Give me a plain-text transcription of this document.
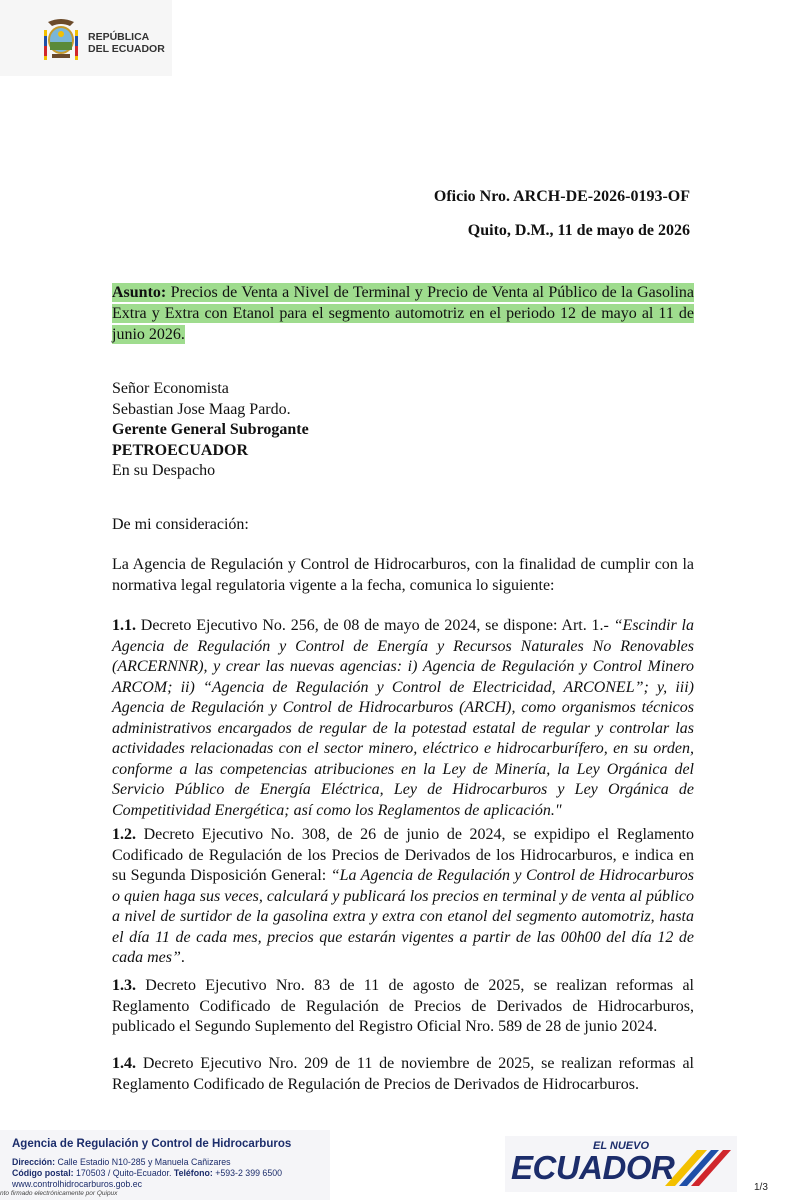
REPÚBLICA
DEL ECUADOR
Oficio Nro. ARCH-DE-2026-0193-OF
Quito, D.M., 11 de mayo de 2026
Asunto: Precios de Venta a Nivel de Terminal y Precio de Venta al Público de la Gasolina Extra y Extra con Etanol para el segmento automotriz en el periodo 12 de mayo al 11 de junio 2026.
Señor Economista
Sebastian Jose Maag Pardo.
Gerente General Subrogante
PETROECUADOR
En su Despacho

De mi consideración:

La Agencia de Regulación y Control de Hidrocarburos, con la finalidad de cumplir con la normativa legal regulatoria vigente a la fecha, comunica lo siguiente:

1.1. Decreto Ejecutivo No. 256, de 08 de mayo de 2024, se dispone: Art. 1.- “Escindir la Agencia de Regulación y Control de Energía y Recursos Naturales No Renovables (ARCERNNR), y crear las nuevas agencias: i) Agencia de Regulación y Control Minero ARCOM; ii) “Agencia de Regulación y Control de Electricidad, ARCONEL”; y, iii) Agencia de Regulación y Control de Hidrocarburos (ARCH), como organismos técnicos administrativos encargados de regular de la potestad estatal de regular y controlar las actividades relacionadas con el sector minero, eléctrico e hidrocarburífero, en su orden, conforme a las competencias atribuciones en la Ley de Minería, la Ley Orgánica del Servicio Público de Energía Eléctrica, Ley de Hidrocarburos y Ley Orgánica de Competitividad Energética; así como los Reglamentos de aplicación."

1.2. Decreto Ejecutivo No. 308, de 26 de junio de 2024, se expidipo el Reglamento Codificado de Regulación de los Precios de Derivados de los Hidrocarburos, e indica en su Segunda Disposición General: “La Agencia de Regulación y Control de Hidrocarburos o quien haga sus veces, calculará y publicará los precios en terminal y de venta al público a nivel de surtidor de la gasolina extra y extra con etanol del segmento automotriz, hasta el día 11 de cada mes, precios que estarán vigentes a partir de las 00h00 del día 12 de cada mes”.

1.3. Decreto Ejecutivo Nro. 83 de 11 de agosto de 2025, se realizan reformas al Reglamento Codificado de Regulación de Precios de Derivados de Hidrocarburos, publicado el Segundo Suplemento del Registro Oficial Nro. 589 de 28 de junio 2024.

1.4. Decreto Ejecutivo Nro. 209 de 11 de noviembre de 2025, se realizan reformas al Reglamento Codificado de Regulación de Precios de Derivados de Hidrocarburos.

Agencia de Regulación y Control de Hidrocarburos
Dirección: Calle Estadio N10-285 y Manuela Cañizares
Código postal: 170503 / Quito-Ecuador. Teléfono: +593-2 399 6500
www.controlhidrocarburos.gob.ec
nto firmado electrónicamente por Quipux
EL NUEVO
ECUADOR
1/3
